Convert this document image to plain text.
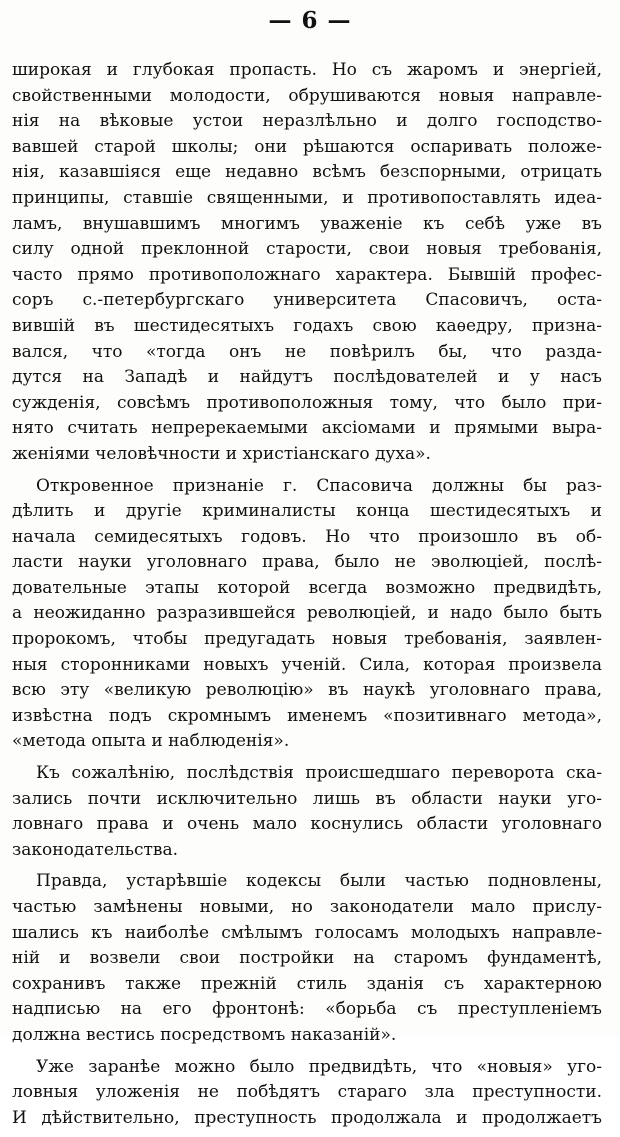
— 6 —
широкая и глубокая пропасть. Но съ жаромъ и энергiей,
свойственными молодости, обрушиваются новыя направле-
нія на вѣковые устои неразлѣльно и долго господство-
вавшей старой школы; они рѣшаются оспаривать положе-
нія, казавшіяся еще недавно всѣмъ безспорными, отрицать
принципы, ставшіе священными, и противопоставлять идеа-
ламъ, внушавшимъ многимъ уваженіе къ себѣ уже въ
силу одной преклонной старости, свои новыя требованія,
часто прямо противоположнаго характера. Бывшій профес-
соръ с.-петербургскаго университета Спасовичъ, оста-
вившій въ шестидесятыхъ годахъ свою каѳедру, признa-
вался, что «тогда онъ не повѣрилъ бы, что разда-
дутся на Западѣ и найдутъ послѣдователей и у насъ
сужденія, совсѣмъ противоположныя тому, что было при-
нято считать непререкаемыми аксіомами и прямыми выра-
женіями человѣчности и христіанскаго духа».
Откровенное признаніе г. Спасовича должны бы раз-
дѣлить и другіе криминалисты конца шестидесятыхъ и
начала семидесятыхъ годовъ. Но что произошло въ об-
ласти науки уголовнаго права, было не эволюціей, послѣ-
довательные этапы которой всегда возможно предвидѣть,
а неожиданно разразившейся революціей, и надо было быть
пророкомъ, чтобы предугадать новыя требованія, заявлен-
ныя сторонниками новыхъ ученій. Сила, которая произвела
всю эту «великую революцію» въ наукѣ уголовнаго права,
извѣстна подъ скромнымъ именемъ «позитивнаго метода»,
«метода опыта и наблюденія».
Къ сожалѣнію, послѣдствія происшедшаго переворота ска-
зались почти исключительно лишь въ области науки уго-
ловнаго права и очень мало коснулись области уголовнаго
законодательства.
Правда, устарѣвшіе кодексы были частью подновлены,
частью замѣнены новыми, но законодатели мало прислу-
шались къ наиболѣе смѣлымъ голосамъ молодыхъ направле-
ній и возвели свои постройки на старомъ фундаментѣ,
сохранивъ также прежній стиль зданія съ характерною
надписью на его фронтонѣ: «борьба съ преступленіемъ
должна вестись посредствомъ наказаній».
Уже заранѣе можно было предвидѣть, что «новыя» уго-
ловныя уложенія не побѣдятъ стараго зла преступности.
И дѣйствительно, преступность продолжала и продолжаетъ
